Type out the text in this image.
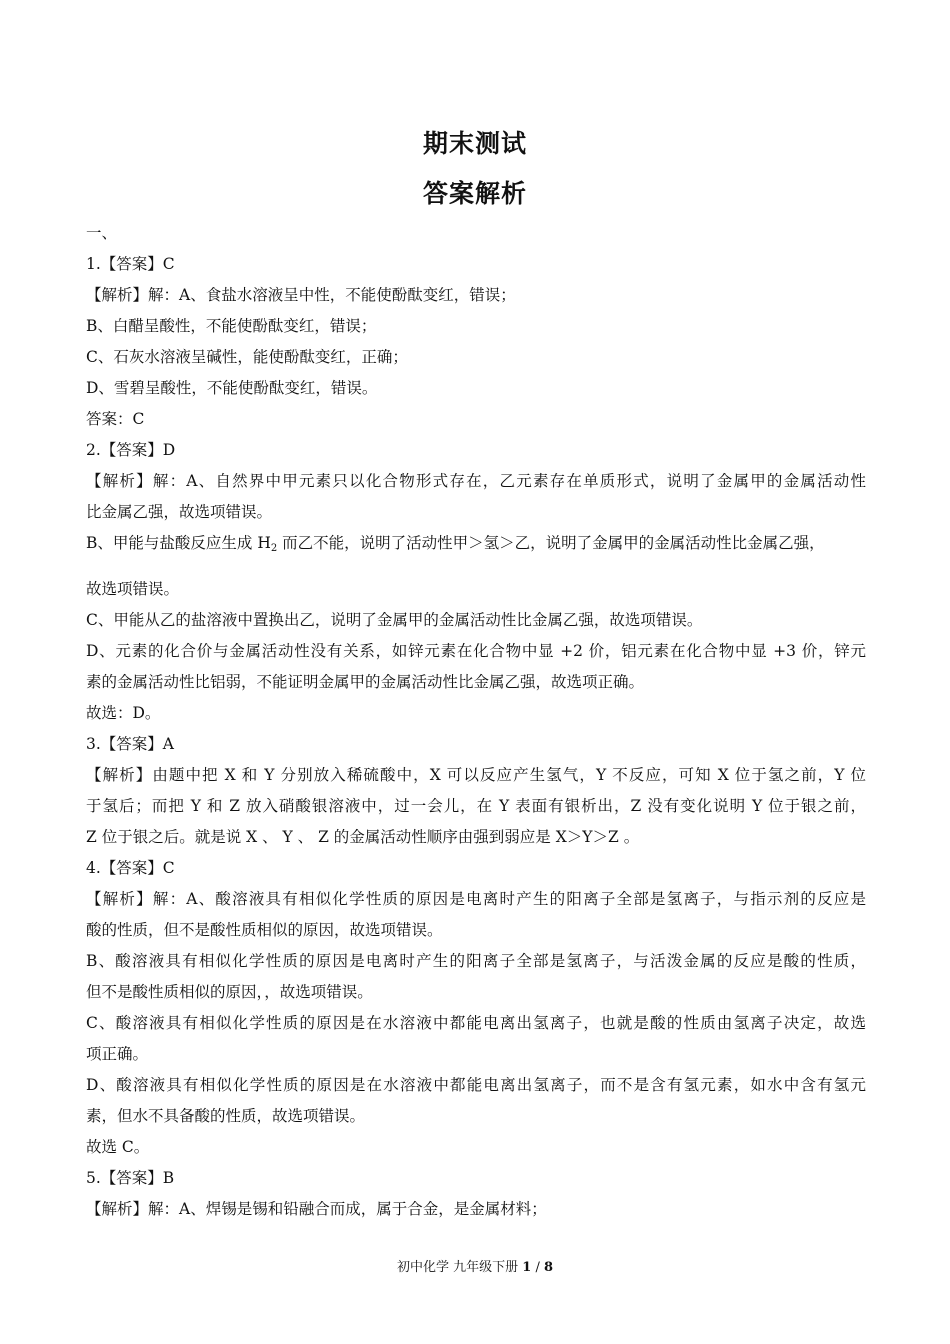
期末测试
答案解析
一、
1.【答案】C
【解析】解：A、食盐水溶液呈中性，不能使酚酞变红，错误；
B、白醋呈酸性，不能使酚酞变红，错误；
C、石灰水溶液呈碱性，能使酚酞变红，正确；
D、雪碧呈酸性，不能使酚酞变红，错误。
答案：C
2.【答案】D
【解析】解：A、自然界中甲元素只以化合物形式存在，乙元素存在单质形式，说明了金属甲的金属活动性
比金属乙强，故选项错误。
B、甲能与盐酸反应生成 $H_2$ 而乙不能，说明了活动性甲＞氢＞乙，说明了金属甲的金属活动性比金属乙强，
故选项错误。
C、甲能从乙的盐溶液中置换出乙，说明了金属甲的金属活动性比金属乙强，故选项错误。
D、元素的化合价与金属活动性没有关系，如锌元素在化合物中显 +2 价，铝元素在化合物中显 +3 价，锌元
素的金属活动性比铝弱，不能证明金属甲的金属活动性比金属乙强，故选项正确。
故选：D。
3.【答案】A
【解析】由题中把 X 和 Y 分别放入稀硫酸中，X 可以反应产生氢气，Y 不反应，可知 X 位于氢之前，Y 位
于氢后；而把 Y 和 Z 放入硝酸银溶液中，过一会儿，在 Y 表面有银析出，Z 没有变化说明 Y 位于银之前，
Z 位于银之后。就是说 X 、 Y 、 Z 的金属活动性顺序由强到弱应是 X＞Y＞Z 。
4.【答案】C
【解析】解：A、酸溶液具有相似化学性质的原因是电离时产生的阳离子全部是氢离子，与指示剂的反应是
酸的性质，但不是酸性质相似的原因，故选项错误。
B、酸溶液具有相似化学性质的原因是电离时产生的阳离子全部是氢离子，与活泼金属的反应是酸的性质，
但不是酸性质相似的原因，，故选项错误。
C、酸溶液具有相似化学性质的原因是在水溶液中都能电离出氢离子，也就是酸的性质由氢离子决定，故选
项正确。
D、酸溶液具有相似化学性质的原因是在水溶液中都能电离出氢离子，而不是含有氢元素，如水中含有氢元
素，但水不具备酸的性质，故选项错误。
故选 C。
5.【答案】B
【解析】解：A、焊锡是锡和铅融合而成，属于合金，是金属材料；
初中化学 九年级下册 1 / 8
